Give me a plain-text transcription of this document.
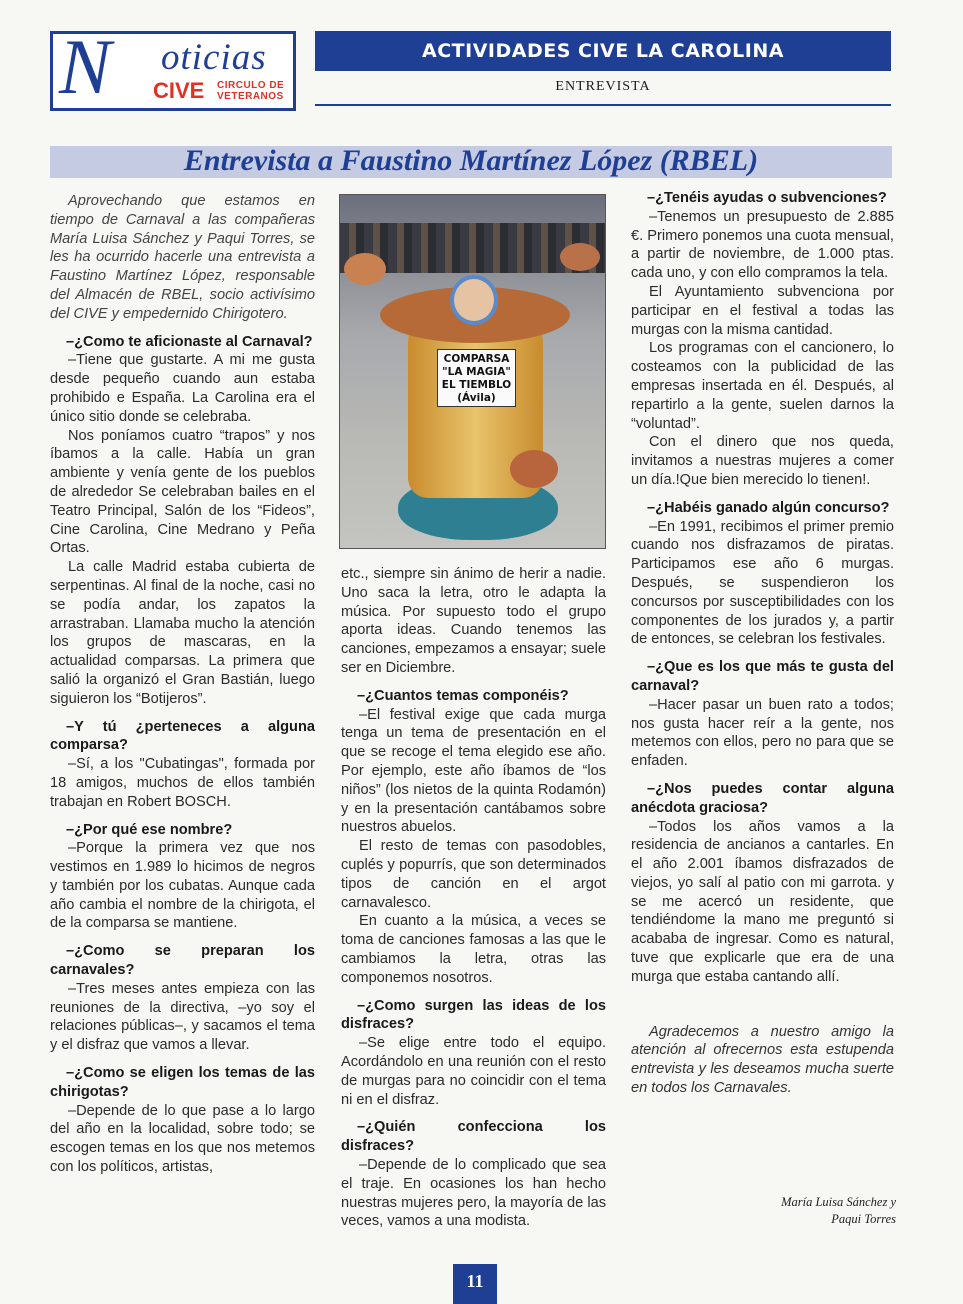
N oticias
CIVE CIRCULO DE
VETERANOS
ACTIVIDADES CIVE LA CAROLINA
ENTREVISTA
Entrevista a Faustino Martínez López (RBEL)

Aprovechando que estamos en tiempo de Carnaval a las compañeras María Luisa Sánchez y Paqui Torres, se les ha ocurrido hacerle una entrevista a Faustino Martínez López, responsable del Almacén de RBEL, socio activísimo del CIVE y empedernido Chirigotero.

–¿Como te aficionaste al Carnaval?

–Tiene que gustarte. A mi me gusta desde pequeño cuando aun estaba prohibido e España. La Carolina era el único sitio donde se celebraba.

Nos poníamos cuatro “trapos” y nos íbamos a la calle. Había un gran ambiente y venía gente de los pueblos de alrededor Se celebraban bailes en el Teatro Principal, Salón de los “Fideos”, Cine Carolina, Cine Medrano y Peña Ortas.

La calle Madrid estaba cubierta de serpentinas. Al final de la noche, casi no se podía andar, los zapatos la arrastraban. Llamaba mucho la atención los grupos de mascaras, en la actualidad comparsas. La primera que salió la organizó el Gran Bastián, luego siguieron los “Botijeros”.

–Y tú ¿perteneces a alguna comparsa?

–Sí, a los "Cubatingas", formada por 18 amigos, muchos de ellos también trabajan en Robert BOSCH.

–¿Por qué ese nombre?

–Porque la primera vez que nos vestimos en 1.989 lo hicimos de negros y también por los cubatas. Aunque cada año cambia el nombre de la chirigota, el de la comparsa se mantiene.

–¿Como se preparan los carnavales?

–Tres meses antes empieza con las reuniones de la directiva, –yo soy el relaciones públicas–, y sacamos el tema y el disfraz que vamos a llevar.

–¿Como se eligen los temas de las chirigotas?

–Depende de lo que pase a lo largo del año en la localidad, sobre todo; se escogen temas en los que nos metemos con los políticos, artistas,

COMPARSA
"LA MAGIA"
EL TIEMBLO
(Ávila)

etc., siempre sin ánimo de herir a nadie. Uno saca la letra, otro le adapta la música. Por supuesto todo el grupo aporta ideas. Cuando tenemos las canciones, empezamos a ensayar; suele ser en Diciembre.

–¿Cuantos temas componéis?

–El festival exige que cada murga tenga un tema de presentación en el que se recoge el tema elegido ese año. Por ejemplo, este año íbamos de “los niños” (los nietos de la quinta Rodamón) y en la presentación cantábamos sobre nuestros abuelos.

El resto de temas con pasodobles, cuplés y popurrís, que son determinados tipos de canción en el argot carnavalesco.

En cuanto a la música, a veces se toma de canciones famosas a las que le cambiamos la letra, otras las componemos nosotros.

–¿Como surgen las ideas de los disfraces?

–Se elige entre todo el equipo. Acordándolo en una reunión con el resto de murgas para no coincidir con el tema ni en el disfraz.

–¿Quién confecciona los disfraces?

–Depende de lo complicado que sea el traje. En ocasiones los han hecho nuestras mujeres pero, la mayoría de las veces, vamos a una modista.

–¿Tenéis ayudas o subvenciones?

–Tenemos un presupuesto de 2.885 €. Primero ponemos una cuota mensual, a partir de noviembre, de 1.000 ptas. cada uno, y con ello compramos la tela.

El Ayuntamiento subvenciona por participar en el festival a todas las murgas con la misma cantidad.

Los programas con el cancionero, lo costeamos con la publicidad de las empresas insertada en él. Después, al repartirlo a la gente, suelen darnos la “voluntad”.

Con el dinero que nos queda, invitamos a nuestras mujeres a comer un día.!Que bien merecido lo tienen!.

–¿Habéis ganado algún concurso?

–En 1991, recibimos el primer premio cuando nos disfrazamos de piratas. Participamos ese año 6 murgas. Después, se suspendieron los concursos por susceptibilidades con los componentes de los jurados y, a partir de entonces, se celebran los festivales.

–¿Que es los que más te gusta del carnaval?

–Hacer pasar un buen rato a todos; nos gusta hacer reír a la gente, nos metemos con ellos, pero no para que se enfaden.

–¿Nos puedes contar alguna anécdota graciosa?

–Todos los años vamos a la residencia de ancianos a cantarles. En el año 2.001 íbamos disfrazados de viejos, yo salí al patio con mi garrota. y se me acercó un residente, que tendiéndome la mano me preguntó si acababa de ingresar. Como es natural, tuve que explicarle que era de una murga que estaba cantando allí.

Agradecemos a nuestro amigo la atención al ofrecernos esta estupenda entrevista y les deseamos mucha suerte en todos los Carnavales.

María Luisa Sánchez y
Paqui Torres
11
